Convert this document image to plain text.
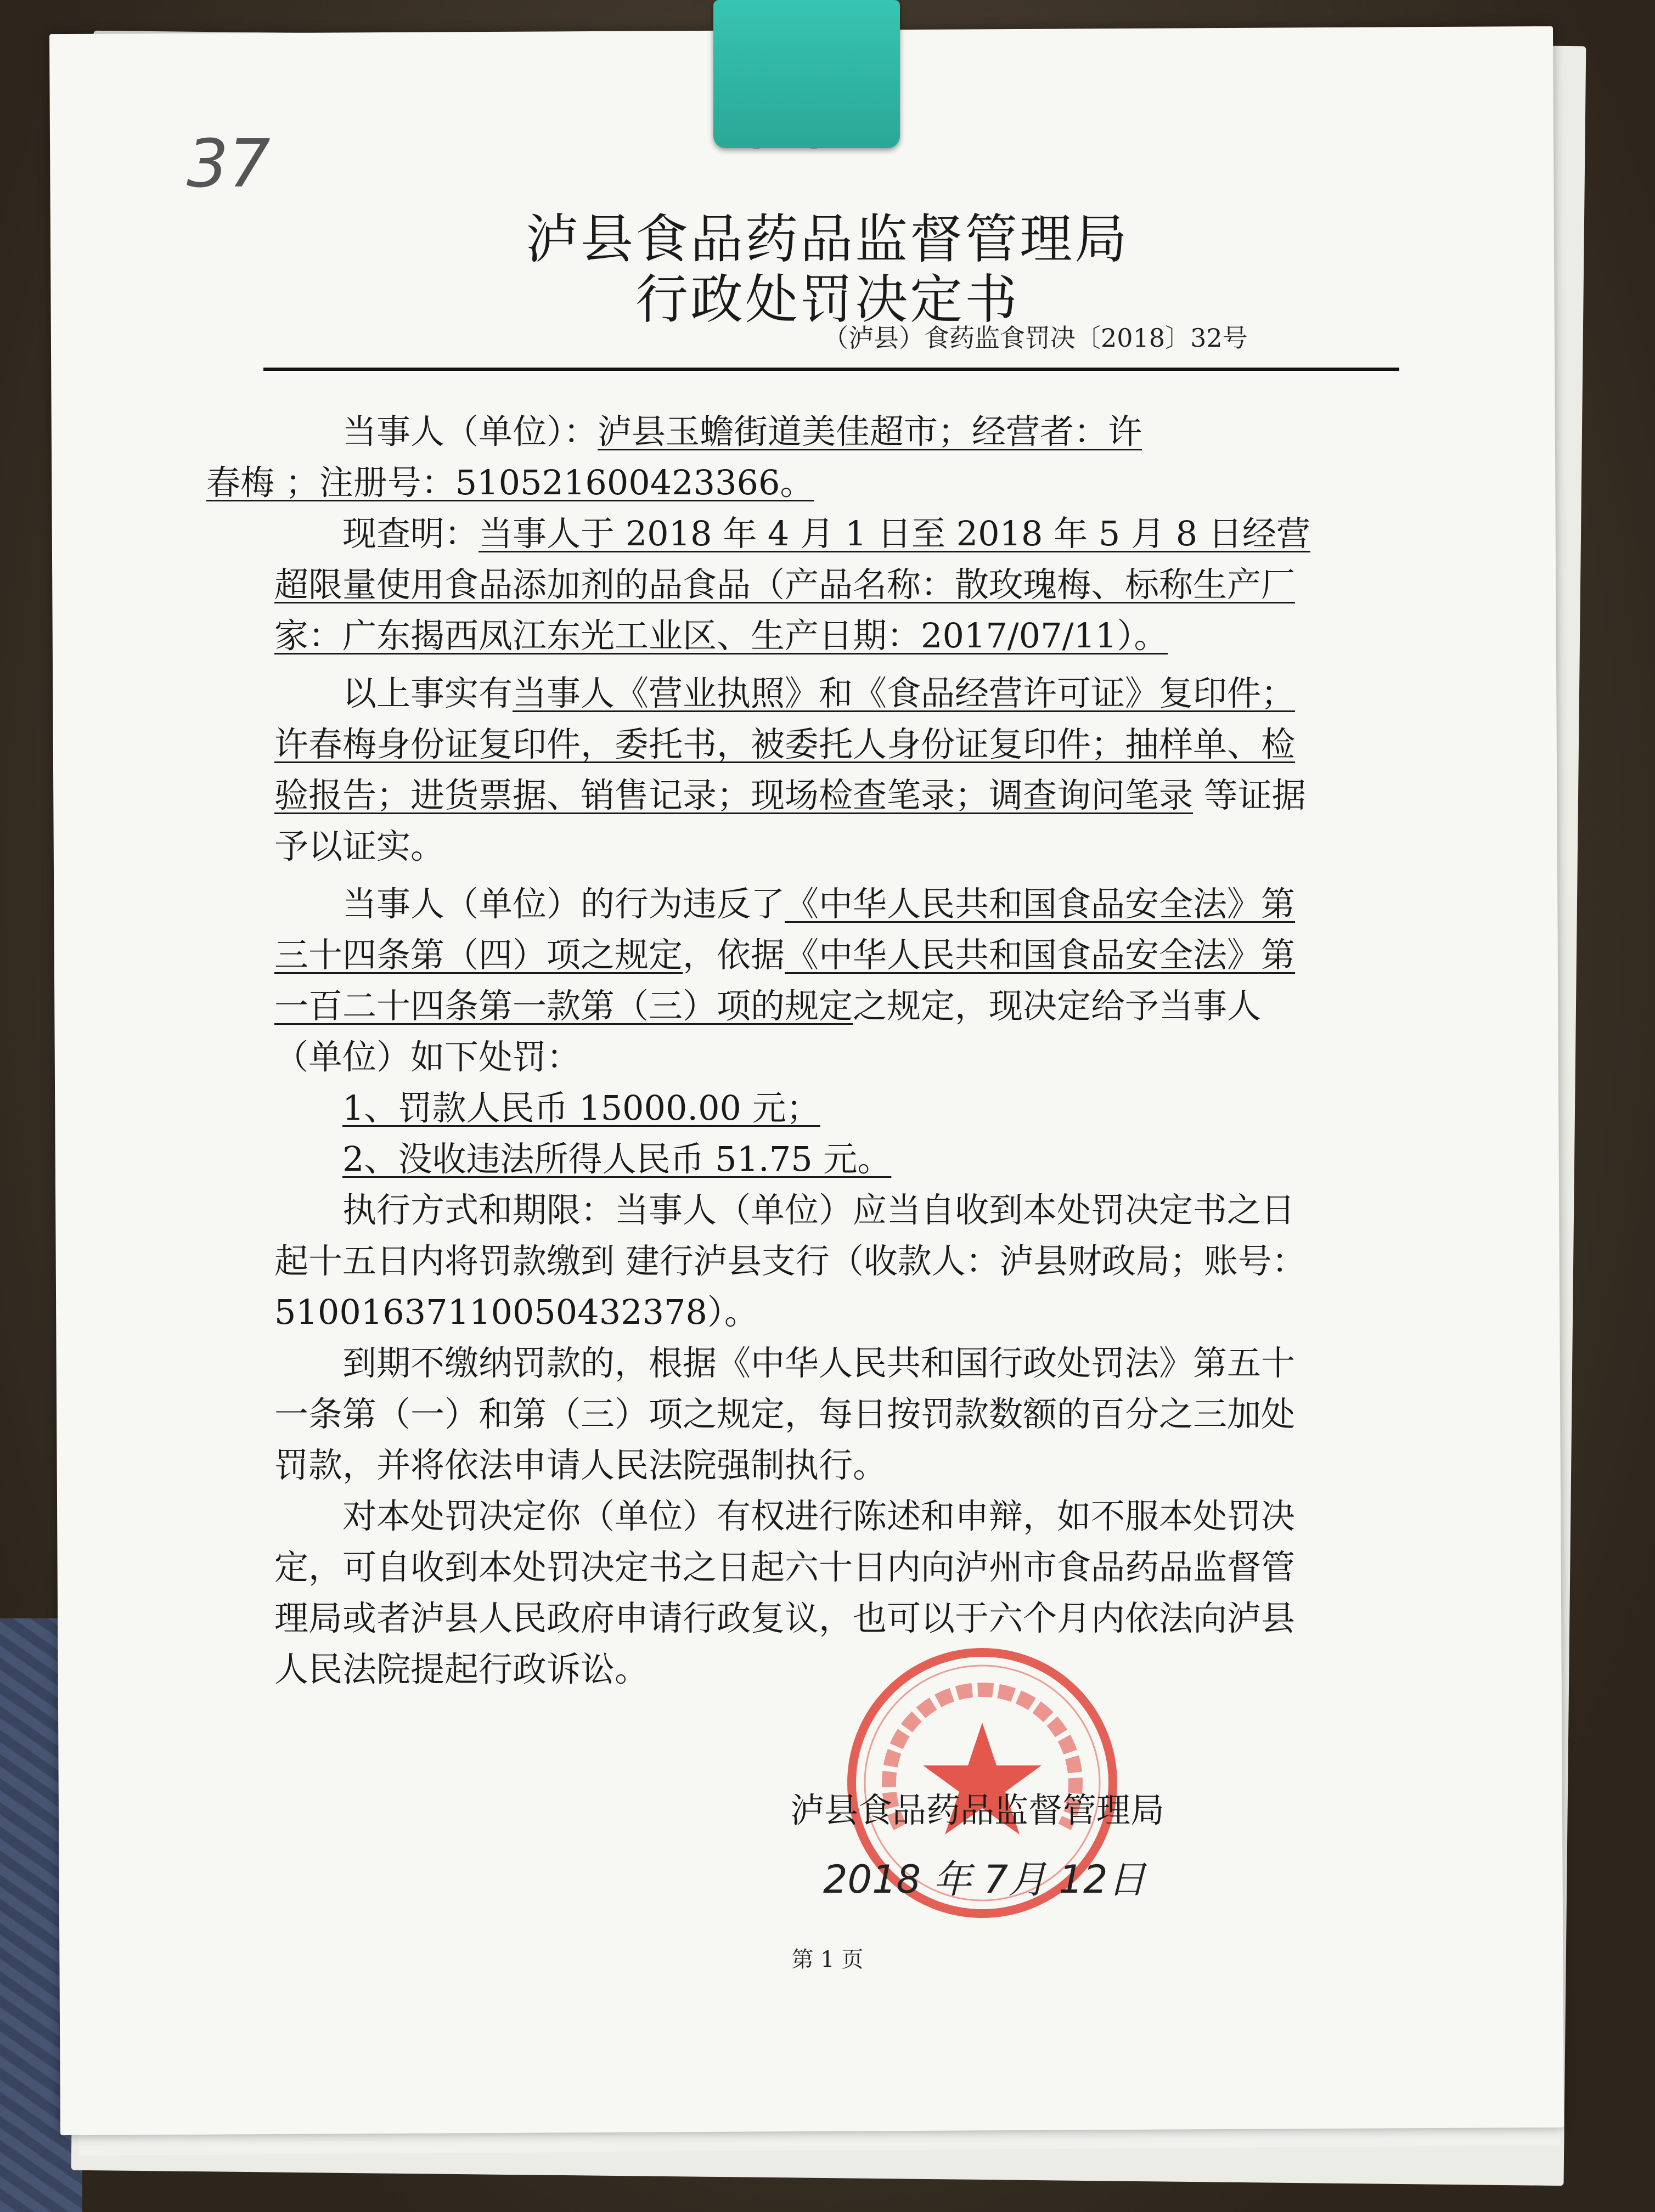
37
泸县食品药品监督管理局
行政处罚决定书
（泸县）食药监食罚决〔2018〕32号

当事人（单位）：泸县玉蟾街道美佳超市；经营者：许
春梅 ；注册号：510521600423366。

现查明：当事人于 2018 年 4 月 1 日至 2018 年 5 月 8 日经营超限量使用食品添加剂的品食品（产品名称：散玫瑰梅、标称生产厂家：广东揭西凤江东光工业区、生产日期：2017/07/11）。

以上事实有当事人《营业执照》和《食品经营许可证》复印件；许春梅身份证复印件，委托书，被委托人身份证复印件；抽样单、检验报告；进货票据、销售记录；现场检查笔录；调查询问笔录 等证据予以证实。

当事人（单位）的行为违反了《中华人民共和国食品安全法》第三十四条第（四）项之规定，依据《中华人民共和国食品安全法》第一百二十四条第一款第（三）项的规定之规定，现决定给予当事人（单位）如下处罚：

1、罚款人民币 15000.00 元；

2、没收违法所得人民币 51.75 元。

执行方式和期限：当事人（单位）应当自收到本处罚决定书之日起十五日内将罚款缴到 建行泸县支行（收款人：泸县财政局；账号：51001637110050432378）。

到期不缴纳罚款的，根据《中华人民共和国行政处罚法》第五十一条第（一）和第（三）项之规定，每日按罚款数额的百分之三加处罚款，并将依法申请人民法院强制执行。

对本处罚决定你（单位）有权进行陈述和申辩，如不服本处罚决定，可自收到本处罚决定书之日起六十日内向泸州市食品药品监督管理局或者泸县人民政府申请行政复议，也可以于六个月内依法向泸县人民法院提起行政诉讼。

泸县食品药品监督管理局
2018 年 7月 12日
第 1 页
